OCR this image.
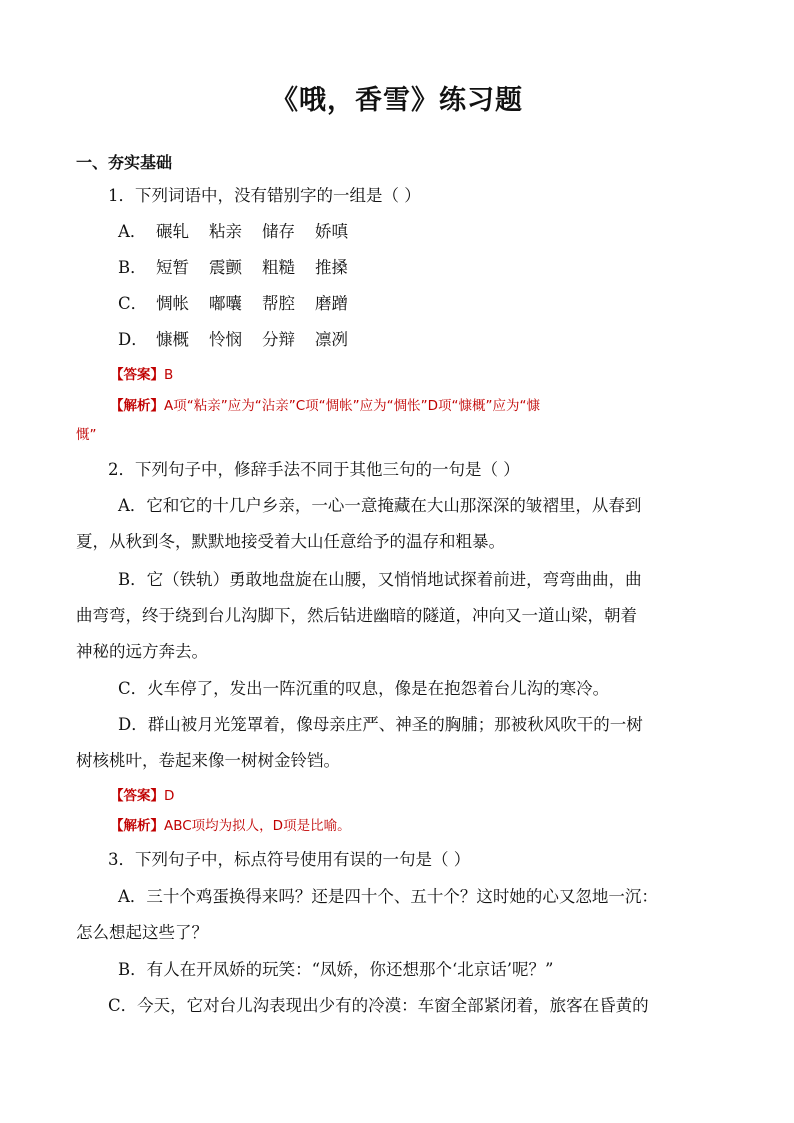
《哦，香雪》练习题
一、夯实基础
1．下列词语中，没有错别字的一组是（ ）
A． 碾轧 粘亲 储存 娇嗔
B． 短暂 震颤 粗糙 推搡
C． 惆帐 嘟囔 帮腔 磨蹭
D． 慷概 怜悯 分辩 凛冽
【答案】B
【解析】A项“粘亲”应为“沾亲”C项“惆帐”应为“惆怅”D项“慷概”应为“慷
慨”
2．下列句子中，修辞手法不同于其他三句的一句是（ ）
A．它和它的十几户乡亲，一心一意掩藏在大山那深深的皱褶里，从春到
夏，从秋到冬，默默地接受着大山任意给予的温存和粗暴。
B．它（铁轨）勇敢地盘旋在山腰，又悄悄地试探着前进，弯弯曲曲，曲
曲弯弯，终于绕到台儿沟脚下，然后钻进幽暗的隧道，冲向又一道山梁，朝着
神秘的远方奔去。
C．火车停了，发出一阵沉重的叹息，像是在抱怨着台儿沟的寒冷。
D．群山被月光笼罩着，像母亲庄严、神圣的胸脯；那被秋风吹干的一树
树核桃叶，卷起来像一树树金铃铛。
【答案】D
【解析】ABC项均为拟人，D项是比喻。
3．下列句子中，标点符号使用有误的一句是（ ）
A．三十个鸡蛋换得来吗？还是四十个、五十个？这时她的心又忽地一沉：
怎么想起这些了？
B．有人在开凤娇的玩笑：“凤娇，你还想那个‘北京话’呢？”
C．今天，它对台儿沟表现出少有的冷漠：车窗全部紧闭着，旅客在昏黄的
